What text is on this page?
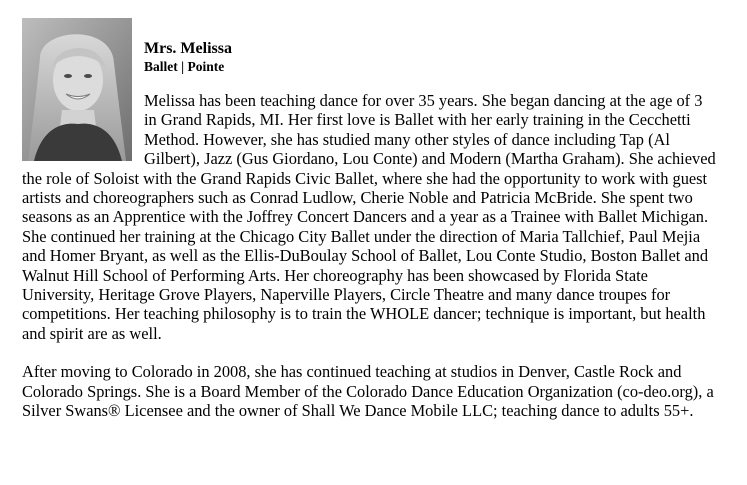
Mrs. Melissa
Ballet | Pointe

Melissa has been teaching dance for over 35 years. She began dancing at the age of 3 in Grand Rapids, MI. Her first love is Ballet with her early training in the Cecchetti Method. However, she has studied many other styles of dance including Tap (Al Gilbert), Jazz (Gus Giordano, Lou Conte) and Modern (Martha Graham). She achieved the role of Soloist with the Grand Rapids Civic Ballet, where she had the opportunity to work with guest artists and choreographers such as Conrad Ludlow, Cherie Noble and Patricia McBride. She spent two seasons as an Apprentice with the Joffrey Concert Dancers and a year as a Trainee with Ballet Michigan. She continued her training at the Chicago City Ballet under the direction of Maria Tallchief, Paul Mejia and Homer Bryant, as well as the Ellis-DuBoulay School of Ballet, Lou Conte Studio, Boston Ballet and Walnut Hill School of Performing Arts. Her choreography has been showcased by Florida State University, Heritage Grove Players, Naperville Players, Circle Theatre and many dance troupes for competitions. Her teaching philosophy is to train the WHOLE dancer; technique is important, but health and spirit are as well.

After moving to Colorado in 2008, she has continued teaching at studios in Denver, Castle Rock and Colorado Springs. She is a Board Member of the Colorado Dance Education Organization (co-deo.org), a Silver Swans® Licensee and the owner of Shall We Dance Mobile LLC; teaching dance to adults 55+.
